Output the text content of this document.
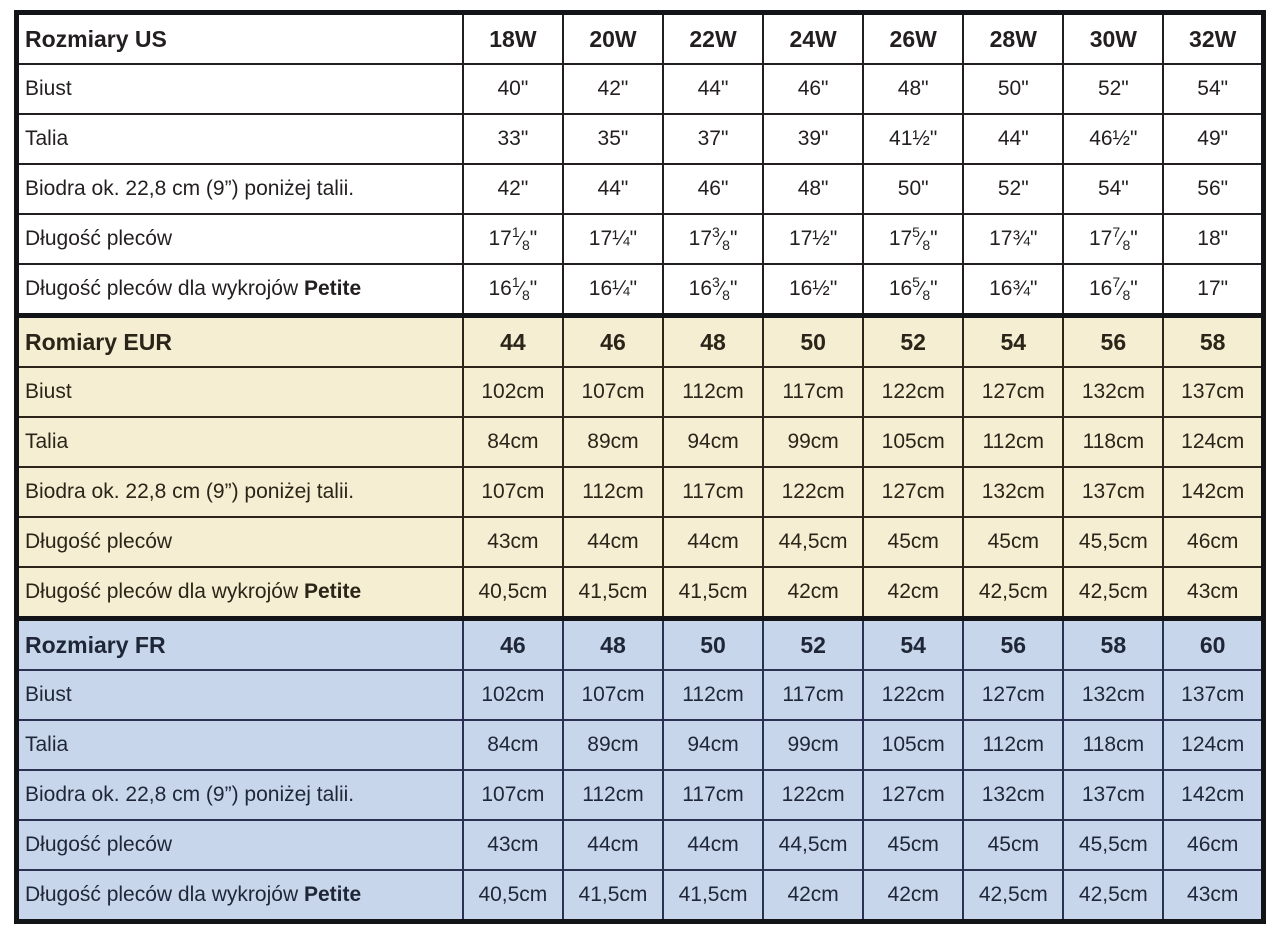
Rozmiary US	18W	20W	22W	24W	26W	28W	30W	32W
Biust	40"	42"	44"	46"	48"	50"	52"	54"
Talia	33"	35"	37"	39"	41½"	44"	46½"	49"
Biodra ok. 22,8 cm (9”) poniżej talii.	42"	44"	46"	48"	50"	52"	54"	56"
Długość pleców	$17^1⁄_8$"	17¼"	$17^3⁄_8$"	17½"	$17^5⁄_8$"	17¾"	$17^7⁄_8$"	18"
Długość pleców dla wykrojów Petite	$16^1⁄_8$"	16¼"	$16^3⁄_8$"	16½"	$16^5⁄_8$"	16¾"	$16^7⁄_8$"	17"
Romiary EUR	44	46	48	50	52	54	56	58
Biust	102cm	107cm	112cm	117cm	122cm	127cm	132cm	137cm
Talia	84cm	89cm	94cm	99cm	105cm	112cm	118cm	124cm
Biodra ok. 22,8 cm (9”) poniżej talii.	107cm	112cm	117cm	122cm	127cm	132cm	137cm	142cm
Długość pleców	43cm	44cm	44cm	44,5cm	45cm	45cm	45,5cm	46cm
Długość pleców dla wykrojów Petite	40,5cm	41,5cm	41,5cm	42cm	42cm	42,5cm	42,5cm	43cm
Rozmiary FR	46	48	50	52	54	56	58	60
Biust	102cm	107cm	112cm	117cm	122cm	127cm	132cm	137cm
Talia	84cm	89cm	94cm	99cm	105cm	112cm	118cm	124cm
Biodra ok. 22,8 cm (9”) poniżej talii.	107cm	112cm	117cm	122cm	127cm	132cm	137cm	142cm
Długość pleców	43cm	44cm	44cm	44,5cm	45cm	45cm	45,5cm	46cm
Długość pleców dla wykrojów Petite	40,5cm	41,5cm	41,5cm	42cm	42cm	42,5cm	42,5cm	43cm
